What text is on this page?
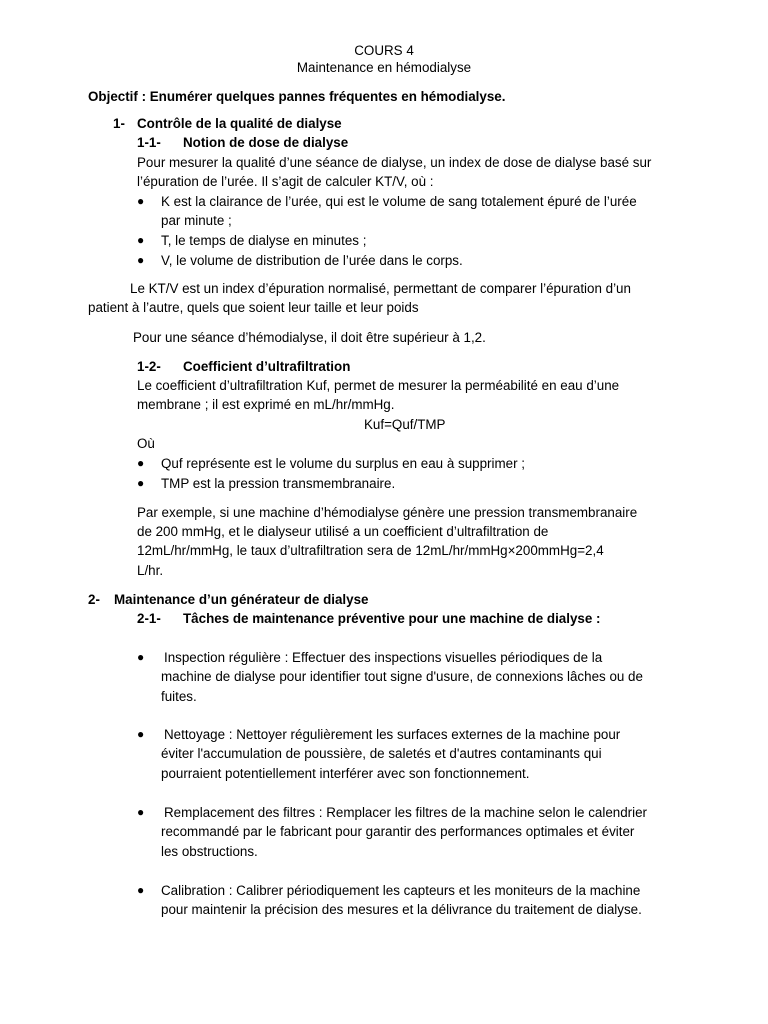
COURS 4
Maintenance en hémodialyse
Objectif : Enumérer quelques pannes fréquentes en hémodialyse.
1- Contrôle de la qualité de dialyse
1-1- Notion de dose de dialyse
Pour mesurer la qualité d’une séance de dialyse, un index de dose de dialyse basé sur
l’épuration de l’urée. Il s’agit de calculer KT/V, où :
● K est la clairance de l’urée, qui est le volume de sang totalement épuré de l’urée
par minute ;
● T, le temps de dialyse en minutes ;
● V, le volume de distribution de l’urée dans le corps.
Le KT/V est un index d’épuration normalisé, permettant de comparer l’épuration d’un
patient à l’autre, quels que soient leur taille et leur poids
Pour une séance d’hémodialyse, il doit être supérieur à 1,2.
1-2- Coefficient d’ultrafiltration
Le coefficient d’ultrafiltration Kuf, permet de mesurer la perméabilité en eau d’une
membrane ; il est exprimé en mL/hr/mmHg.
Kuf=Quf/TMP
Où
● Quf représente est le volume du surplus en eau à supprimer ;
● TMP est la pression transmembranaire.
Par exemple, si une machine d’hémodialyse génère une pression transmembranaire
de 200 mmHg, et le dialyseur utilisé a un coefficient d’ultrafiltration de
12mL/hr/mmHg, le taux d’ultrafiltration sera de 12mL/hr/mmHg×200mmHg=2,4
L/hr.
2- Maintenance d’un générateur de dialyse
2-1- Tâches de maintenance préventive pour une machine de dialyse :
● Inspection régulière : Effectuer des inspections visuelles périodiques de la
machine de dialyse pour identifier tout signe d'usure, de connexions lâches ou de
fuites.
● Nettoyage : Nettoyer régulièrement les surfaces externes de la machine pour
éviter l'accumulation de poussière, de saletés et d'autres contaminants qui
pourraient potentiellement interférer avec son fonctionnement.
● Remplacement des filtres : Remplacer les filtres de la machine selon le calendrier
recommandé par le fabricant pour garantir des performances optimales et éviter
les obstructions.
● Calibration : Calibrer périodiquement les capteurs et les moniteurs de la machine
pour maintenir la précision des mesures et la délivrance du traitement de dialyse.
